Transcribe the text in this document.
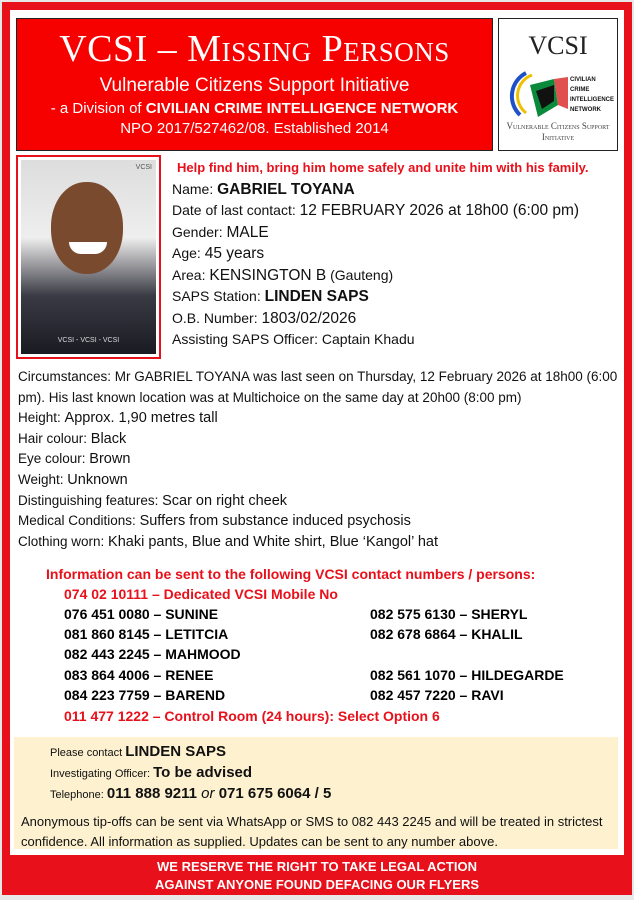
VCSI – Missing Persons
Vulnerable Citizens Support Initiative
- a Division of CIVILIAN CRIME INTELLIGENCE NETWORK
NPO 2017/527462/08. Established 2014
VCSI
CIVILIAN
CRIME
INTELLIGENCE
NETWORK
Vulnerable Citizens Support Initiative
VCSI
VCSI - VCSI - VCSI
Help find him, bring him home safely and unite him with his family.
Name: GABRIEL TOYANA
Date of last contact: 12 FEBRUARY 2026 at 18h00 (6:00 pm)
Gender: MALE
Age: 45 years
Area: KENSINGTON B (Gauteng)
SAPS Station: LINDEN SAPS
O.B. Number: 1803/02/2026
Assisting SAPS Officer: Captain Khadu
Circumstances: Mr GABRIEL TOYANA was last seen on Thursday, 12 February 2026 at 18h00 (6:00 pm). His last known location was at Multichoice on the same day at 20h00 (8:00 pm)
Height: Approx. 1,90 metres tall
Hair colour: Black
Eye colour: Brown
Weight: Unknown
Distinguishing features: Scar on right cheek
Medical Conditions: Suffers from substance induced psychosis
Clothing worn: Khaki pants, Blue and White shirt, Blue ‘Kangol’ hat
Information can be sent to the following VCSI contact numbers / persons:
074 02 10111 – Dedicated VCSI Mobile No
076 451 0080 – SUNINE
081 860 8145 – LETITCIA
082 443 2245 – MAHMOOD
083 864 4006 – RENEE
084 223 7759 – BAREND
082 575 6130 – SHERYL
082 678 6864 – KHALIL
082 561 1070 – HILDEGARDE
082 457 7220 – RAVI
011 477 1222 – Control Room (24 hours): Select Option 6
Please contact LINDEN SAPS
Investigating Officer: To be advised
Telephone: 011 888 9211 or 071 675 6064 / 5
Anonymous tip-offs can be sent via WhatsApp or SMS to 082 443 2245 and will be treated in strictest confidence. All information as supplied. Updates can be sent to any number above.
WE RESERVE THE RIGHT TO TAKE LEGAL ACTION
AGAINST ANYONE FOUND DEFACING OUR FLYERS
